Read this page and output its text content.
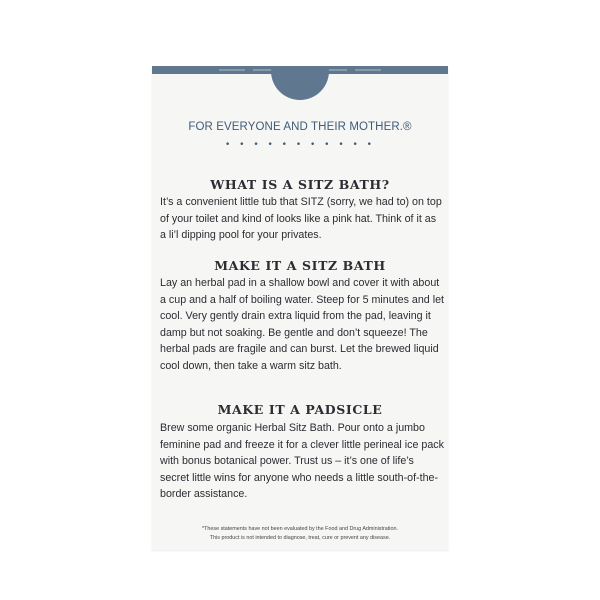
FOR EVERYONE AND THEIR MOTHER.®
• • • • • • • • • • •
WHAT IS A SITZ BATH?
It’s a convenient little tub that SITZ (sorry, we had to) on top of your toilet and kind of looks like a pink hat. Think of it as a li’l dipping pool for your privates.
MAKE IT A SITZ BATH
Lay an herbal pad in a shallow bowl and cover it with about a cup and a half of boiling water. Steep for 5 minutes and let cool. Very gently drain extra liquid from the pad, leaving it damp but not soaking. Be gentle and don’t squeeze! The herbal pads are fragile and can burst. Let the brewed liquid cool down, then take a warm sitz bath.
MAKE IT A PADSICLE
Brew some organic Herbal Sitz Bath. Pour onto a jumbo feminine pad and freeze it for a clever little perineal ice pack with bonus botanical power. Trust us – it’s one of life’s secret little wins for anyone who needs a little south-of-the-border assistance.
*These statements have not been evaluated by the Food and Drug Administration.
This product is not intended to diagnose, treat, cure or prevent any disease.
